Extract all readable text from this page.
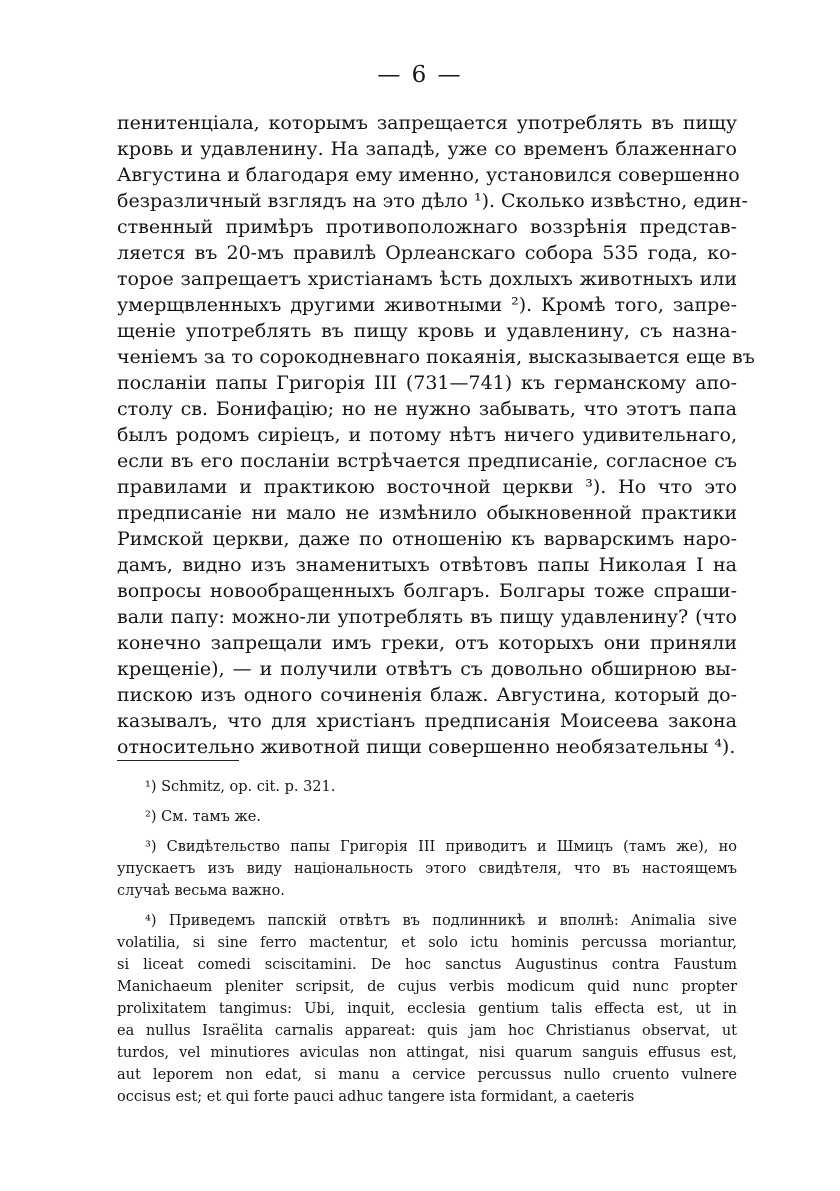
— 6 —
пенитенціала, которымъ запрещается употреблять въ пищу
кровь и удавленину. На западѣ, уже со временъ блаженнаго
Августина и благодаря ему именно, установился совершенно
безразличный взглядъ на это дѣло ¹). Сколько извѣстно, един-
ственный примѣръ противоположнаго воззрѣнія представ-
ляется въ 20-мъ правилѣ Орлеанскаго собора 535 года, ко-
торое запрещаетъ христіанамъ ѣсть дохлыхъ животныхъ или
умерщвленныхъ другими животными ²). Кромѣ того, запре-
щеніе употреблять въ пищу кровь и удавленину, съ назна-
ченіемъ за то сорокодневнаго покаянія, высказывается еще въ
посланіи папы Григорія III (731—741) къ германскому апо-
столу св. Бонифацію; но не нужно забывать, что этотъ папа
былъ родомъ сиріецъ, и потому нѣтъ ничего удивительнаго,
если въ его посланіи встрѣчается предписаніе, согласное съ
правилами и практикою восточной церкви ³). Но что это
предписаніе ни мало не измѣнило обыкновенной практики
Римской церкви, даже по отношенію къ варварскимъ наро-
дамъ, видно изъ знаменитыхъ отвѣтовъ папы Николая I на
вопросы новообращенныхъ болгаръ. Болгары тоже спраши-
вали папу: можно-ли употреблять въ пищу удавленину? (что
конечно запрещали имъ греки, отъ которыхъ они приняли
крещеніе), — и получили отвѣтъ съ довольно обширною вы-
пискою изъ одного сочиненія блаж. Августина, который до-
казывалъ, что для христіанъ предписанія Моисеева закона
относительно животной пищи совершенно необязательны ⁴).
¹) Schmitz, op. cit. p. 321.
²) См. тамъ же.
³) Свидѣтельство папы Григорія III приводитъ и Шмицъ (тамъ же), но
упускаетъ изъ виду національность этого свидѣтеля, что въ настоящемъ
случаѣ весьма важно.
⁴) Приведемъ папскій отвѣтъ въ подлинникѣ и вполнѣ: Animalia sive
volatilia, si sine ferro mactentur, et solo ictu hominis percussa moriantur,
si liceat comedi sciscitamini. De hoc sanctus Augustinus contra Faustum
Manichaeum pleniter scripsit, de cujus verbis modicum quid nunc propter
prolixitatem tangimus: Ubi, inquit, ecclesia gentium talis effecta est, ut in
ea nullus Israëlita carnalis appareat: quis jam hoc Christianus observat, ut
turdos, vel minutiores aviculas non attingat, nisi quarum sanguis effusus est,
aut leporem non edat, si manu a cervice percussus nullo cruento vulnere
occisus est; et qui forte pauci adhuc tangere ista formidant, a caeteris
